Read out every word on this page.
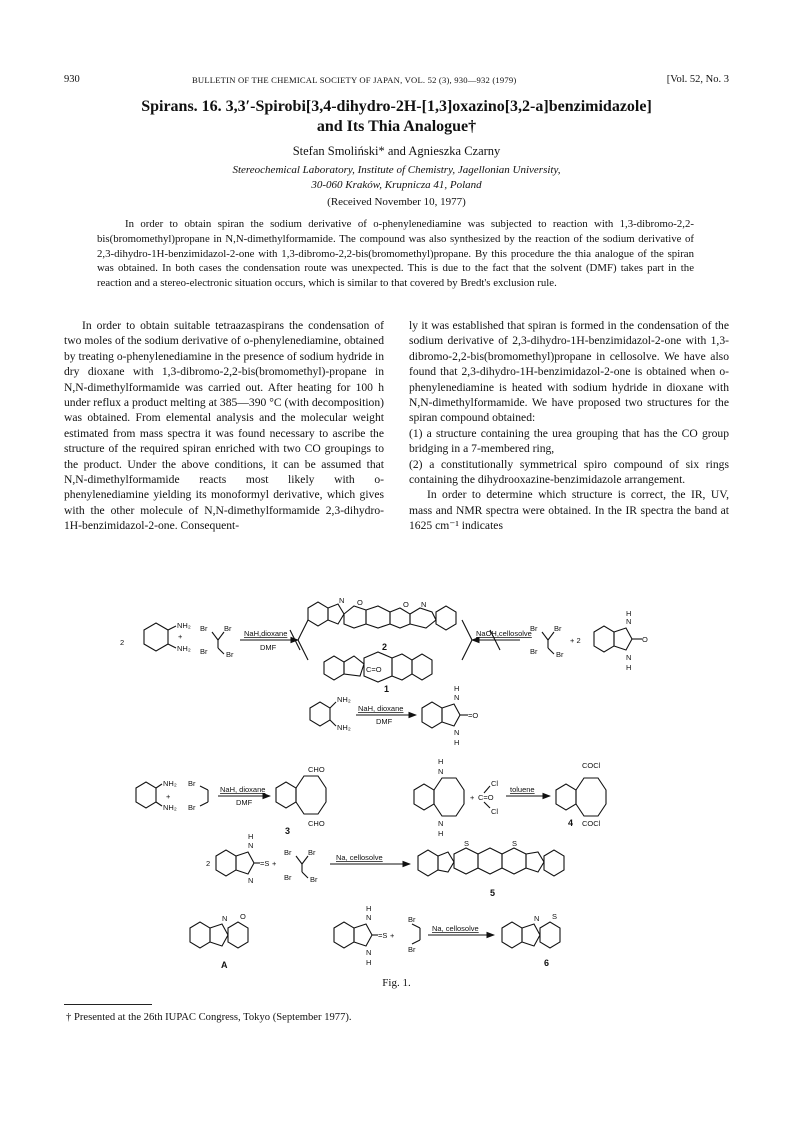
930	BULLETIN OF THE CHEMICAL SOCIETY OF JAPAN, VOL. 52 (3), 930—932 (1979)	[Vol. 52, No. 3
Spirans. 16. 3,3′-Spirobi[3,4-dihydro-2H-[1,3]oxazino[3,2-a]benzimidazole]
and Its Thia Analogue†
Stefan Smoliński* and Agnieszka Czarny
Stereochemical Laboratory, Institute of Chemistry, Jagellonian University,
30-060 Kraków, Krupnicza 41, Poland
(Received November 10, 1977)

In order to obtain spiran the sodium derivative of o-phenylenediamine was subjected to reaction with 1,3-dibromo-2,2-bis(bromomethyl)propane in N,N-dimethylformamide. The compound was also synthesized by the reaction of the sodium derivative of 2,3-dihydro-1H-benzimidazol-2-one with 1,3-dibromo-2,2-bis(bromomethyl)propane. By this procedure the thia analogue of the spiran was obtained. In both cases the condensation route was unexpected. This is due to the fact that the solvent (DMF) takes part in the reaction and a stereo-electronic situation occurs, which is similar to that covered by Bredt's exclusion rule.

In order to obtain suitable tetraazaspirans the condensation of two moles of the sodium derivative of o-phenylenediamine, obtained by treating o-phenylenediamine in the presence of sodium hydride in dry dioxane with 1,3-dibromo-2,2-bis(bromomethyl)-propane in N,N-dimethylformamide was carried out. After heating for 100 h under reflux a product melting at 385—390 °C (with decomposition) was obtained. From elemental analysis and the molecular weight estimated from mass spectra it was found necessary to ascribe the structure of the required spiran enriched with two CO groupings to the product. Under the above conditions, it can be assumed that N,N-dimethylformamide reacts most likely with o-phenylenediamine yielding its monoformyl derivative, which gives with the other molecule of N,N-dimethylformamide 2,3-dihydro-1H-benzimidazol-2-one. Consequent-

ly it was established that spiran is formed in the condensation of the sodium derivative of 2,3-dihydro-1H-benzimidazol-2-one with 1,3-dibromo-2,2-bis(bromomethyl)propane in cellosolve. We have also found that 2,3-dihydro-1H-benzimidazol-2-one is obtained when o-phenylenediamine is heated with sodium hydride in dioxane with N,N-dimethylformamide. We have proposed two structures for the spiran compound obtained:

(1) a structure containing the urea grouping that has the CO group bridging in a 7-membered ring,

(2) a constitutionally symmetrical spiro compound of six rings containing the dihydrooxazine-benzimidazole arrangement.

In order to determine which structure is correct, the IR, UV, mass and NMR spectra were obtained. In the IR spectra the band at 1625 cm⁻¹ indicates

2
NH₂
NH₂
+
Br Br
Br Br
NaH,dioxane
DMF
N O	O N
2
C=O
1
NaOH,cellosolve
Br Br
Br Br
+ 2	O
N
H
N
H
NH₂
NH₂
NaH, dioxane
DMF
=O
N
H
N
H
NH₂
NH₂
+
Br
Br
NaH, dioxane
DMF
CHO
CHO
3
N
H
N
H
+ C=O
Cl
Cl
toluene
COCl
COCl
4
2	=S
N
H
N
+
Br Br
Br Br
Na, cellosolve
S	S
5
N O
A
=S
N
H
N
H
+
Br
Br
Na, cellosolve
N S
6
Fig. 1.
† Presented at the 26th IUPAC Congress, Tokyo (September 1977).
